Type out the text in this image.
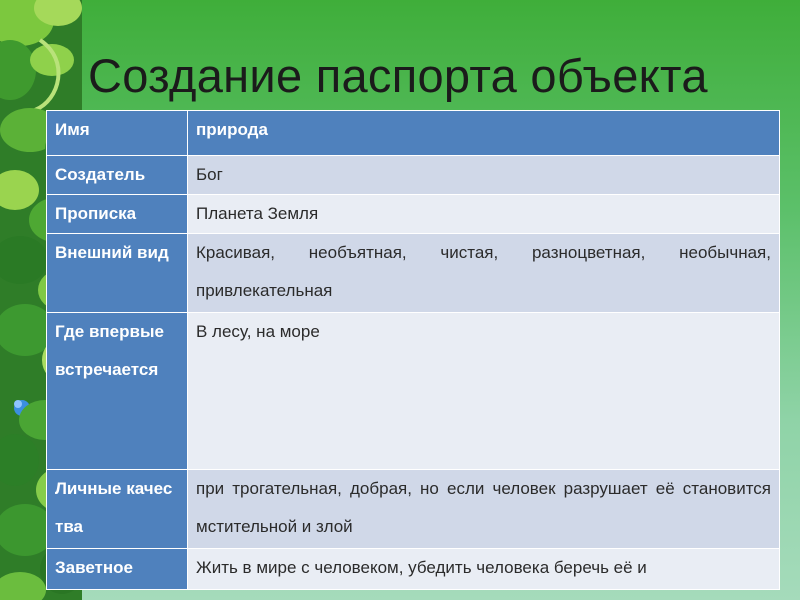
Создание паспорта объекта
Имя	природа
Создатель	Бог
Прописка	Планета Земля
Внешний вид	Красивая, необъятная, чистая, разноцветная, необычная, привлекательная
Где впервые встречается	В лесу, на море
Личные качества	при трогательная, добрая, но если человек разрушает её становится мстительной и злой
Заветное	Жить в мире с человеком, убедить человека беречь её и
